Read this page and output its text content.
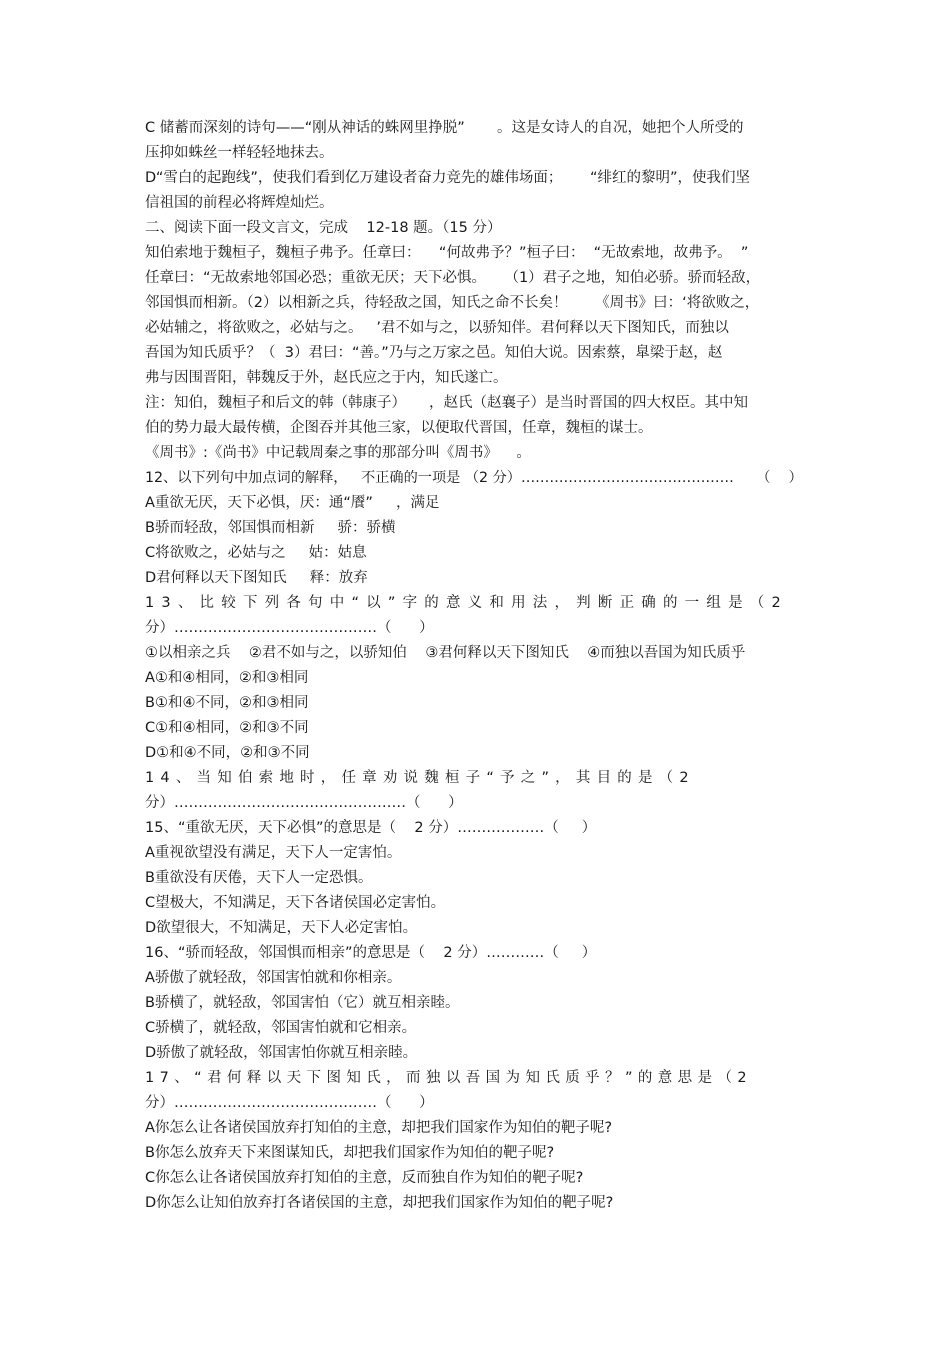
C 储蓄而深刻的诗句——“刚从神话的蛛网里挣脱”       。这是女诗人的自况，她把个人所受的
压抑如蛛丝一样轻轻地抹去。
D“雪白的起跑线”，使我们看到亿万建设者奋力竞先的雄伟场面；      “绯红的黎明”，使我们坚
信祖国的前程必将辉煌灿烂。
二、阅读下面一段文言文，完成    12-18 题。（15 分）
知伯索地于魏桓子，魏桓子弗予。任章曰：    “何故弗予？”桓子曰：  “无故索地，故弗予。  ”
任章曰：“无故索地邻国必恐；重欲无厌；天下必惧。    （1）君子之地，知伯必骄。骄而轻敌，
邻国惧而相新。（2）以相新之兵，待轻敌之国，知氏之命不长矣！      《周书》曰：‘将欲败之，
必姑辅之，将欲败之，必姑与之。   ’君不如与之，以骄知伴。君何释以天下图知氏，而独以
吾国为知氏质乎？（  3）君曰：“善。”乃与之万家之邑。知伯大说。因索蔡，臯梁于赵，赵
弗与因围晋阳，韩魏反于外，赵氏应之于内，知氏遂亡。
注：知伯，魏桓子和后文的韩（韩康子）     ，赵氏（赵襄子）是当时晋国的四大权臣。其中知
伯的势力最大最传横，企图吞并其他三家，以便取代晋国，任章，魏桓的谋士。
《周书》:《尚书》中记载周秦之事的那部分叫《周书》    。
12、以下列句中加点词的解释，   不正确的一项是 （2 分）………………………………………     （    ）
A重欲无厌，天下必惧，厌：通“餍”     ，满足
B骄而轻敌，邻国惧而相新     骄：骄横
C将欲败之，必姑与之     姑：姑息
D君何释以天下图知氏     释：放弃
13、比较下列各句中“以”字的意义和用法，判断正确的一组是（2
分）……………………………………（      ）
①以相亲之兵    ②君不如与之，以骄知伯    ③君何释以天下图知氏    ④而独以吾国为知氏质乎
A①和④相同，②和③相同
B①和④不同，②和③相同
C①和④相同，②和③不同
D①和④不同，②和③不同
14、当知伯索地时，任章劝说魏桓子“予之”，其目的是（2
分）…………………………………………（      ）
15、“重欲无厌，天下必惧”的意思是（    2 分）………………（     ）
A重视欲望没有满足，天下人一定害怕。
B重欲没有厌倦，天下人一定恐惧。
C望极大，不知满足，天下各诸侯国必定害怕。
D欲望很大，不知满足，天下人必定害怕。
16、“骄而轻敌，邻国惧而相亲”的意思是（    2 分）…………（     ）
A骄傲了就轻敌，邻国害怕就和你相亲。
B骄横了，就轻敌，邻国害怕（它）就互相亲睦。
C骄横了，就轻敌，邻国害怕就和它相亲。
D骄傲了就轻敌，邻国害怕你就互相亲睦。
17、“君何释以天下图知氏，而独以吾国为知氏质乎？”的意思是（2
分）……………………………………（      ）
A你怎么让各诸侯国放弃打知伯的主意，却把我们国家作为知伯的靶子呢?
B你怎么放弃天下来图谋知氏，却把我们国家作为知伯的靶子呢?
C你怎么让各诸侯国放弃打知伯的主意，反而独自作为知伯的靶子呢?
D你怎么让知伯放弃打各诸侯国的主意，却把我们国家作为知伯的靶子呢?
